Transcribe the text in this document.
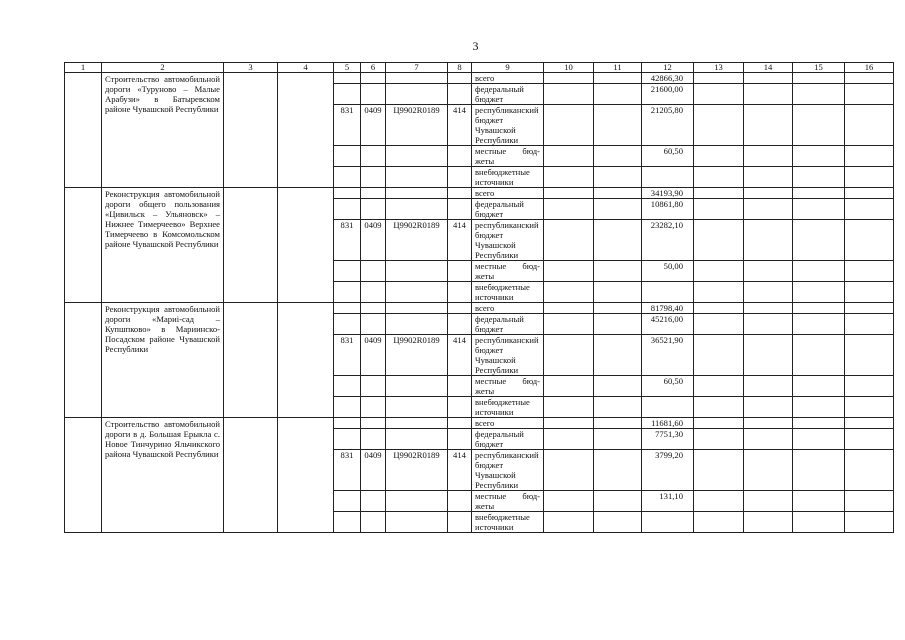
3
1	2	3	4	5	6	7	8	9	10	11	12	13	14	15	16
	Строительство автомобильной дороги «Туруново – Малые Арабузи» в Батыревском районе Чувашской Республики							всего			42866,30				
								федеральный бюджет			21600,00				
				831	0409	Ц9902R0189	414	республиканский бюджет Чувашской Республики			21205,80				
								местные бюджеты			60,50				
								внебюджетные источники							
	Реконструкция автомобильной дороги общего пользования «Цивильск – Ульяновск» – Нижнее Тимерчеево» Верхнее Тимерчеево в Комсомольском районе Чувашской Республики							всего			34193,90				
								федеральный бюджет			10861,80				
				831	0409	Ц9902R0189	414	республиканский бюджет Чувашской Республики			23282,10				
								местные бюджеты			50,00				
								внебюджетные источники							
	Реконструкция автомобильной дороги «Мариi-сад – Купшпково» в Мариинско-Посадском районе Чувашской Республики							всего			81798,40				
								федеральный бюджет			45216,00				
				831	0409	Ц9902R0189	414	республиканский бюджет Чувашской Республики			36521,90				
								местные бюджеты			60,50				
								внебюджетные источники							
	Строительство автомобильной дороги в д. Большая Ерыкла с. Новое Тинчурино Яльчикского района Чувашской Республики							всего			11681,60				
								федеральный бюджет			7751,30				
				831	0409	Ц9902R0189	414	республиканский бюджет Чувашской Республики			3799,20				
								местные бюджеты			131,10				
								внебюджетные источники							
